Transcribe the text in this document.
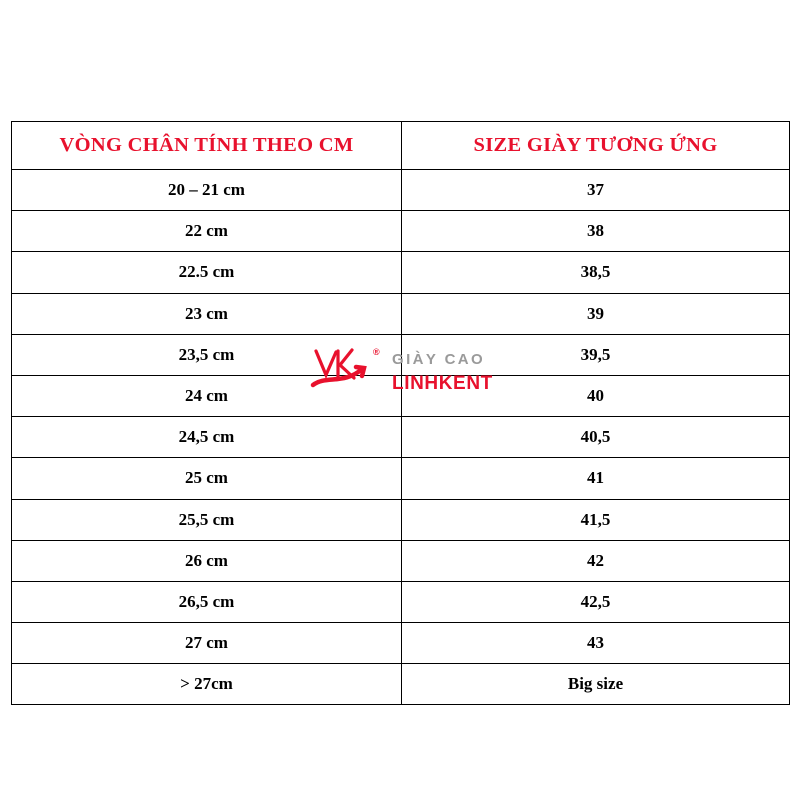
VÒNG CHÂN TÍNH THEO CM	SIZE GIÀY TƯƠNG ỨNG
20 – 21 cm	37
22 cm	38
22.5 cm	38,5
23 cm	39
23,5 cm	39,5
24 cm	40
24,5 cm	40,5
25 cm	41
25,5 cm	41,5
26 cm	42
26,5 cm	42,5
27 cm	43
> 27cm	Big size
® GIÀY CAO
LINHKENT
